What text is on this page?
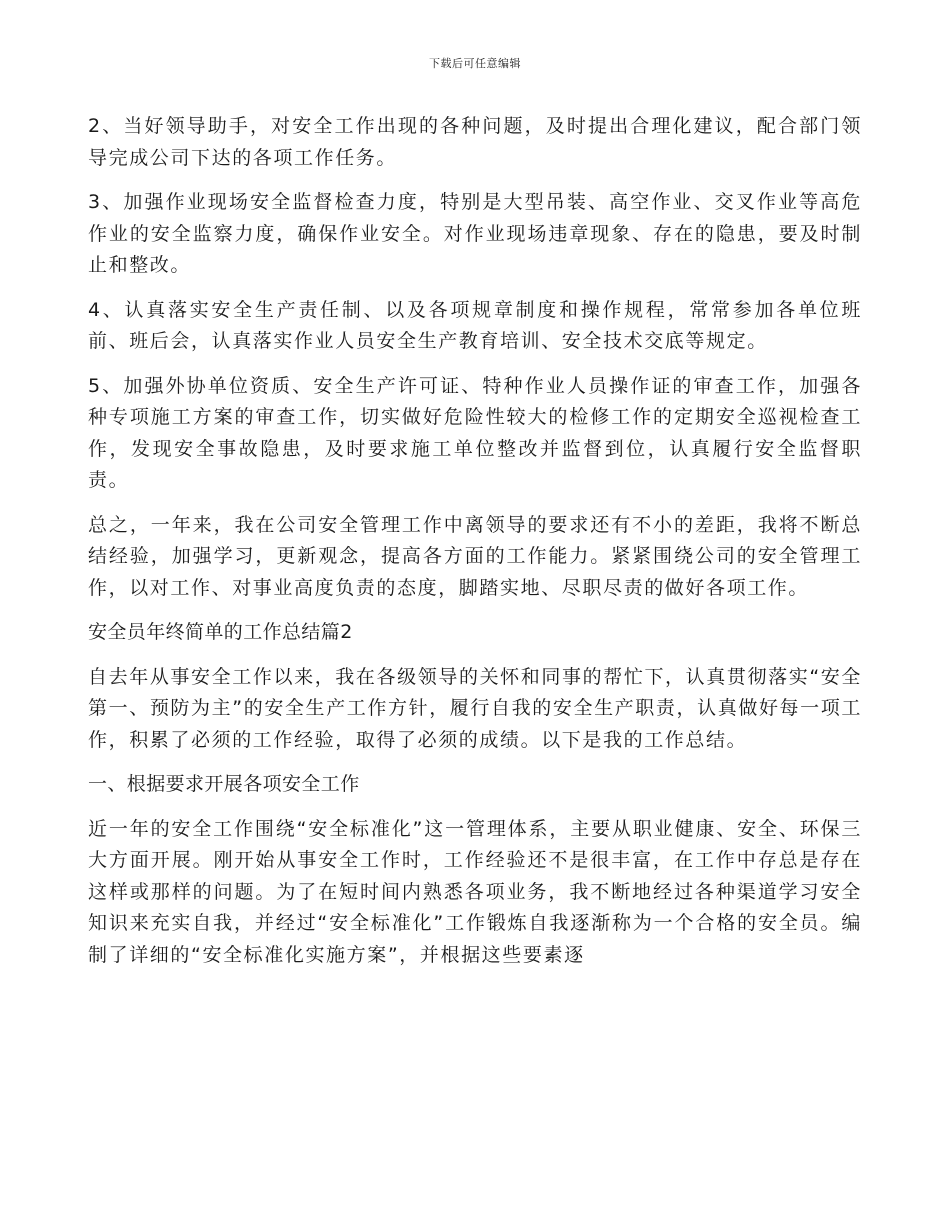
下载后可任意编辑

2、当好领导助手，对安全工作出现的各种问题，及时提出合理化建议，配合部门领导完成公司下达的各项工作任务。

3、加强作业现场安全监督检查力度，特别是大型吊装、高空作业、交叉作业等高危作业的安全监察力度，确保作业安全。对作业现场违章现象、存在的隐患，要及时制止和整改。

4、认真落实安全生产责任制、以及各项规章制度和操作规程，常常参加各单位班前、班后会，认真落实作业人员安全生产教育培训、安全技术交底等规定。

5、加强外协单位资质、安全生产许可证、特种作业人员操作证的审查工作，加强各种专项施工方案的审查工作，切实做好危险性较大的检修工作的定期安全巡视检查工作，发现安全事故隐患，及时要求施工单位整改并监督到位，认真履行安全监督职责。

总之，一年来，我在公司安全管理工作中离领导的要求还有不小的差距，我将不断总结经验，加强学习，更新观念，提高各方面的工作能力。紧紧围绕公司的安全管理工作，以对工作、对事业高度负责的态度，脚踏实地、尽职尽责的做好各项工作。

安全员年终简单的工作总结篇2

自去年从事安全工作以来，我在各级领导的关怀和同事的帮忙下，认真贯彻落实“安全第一、预防为主”的安全生产工作方针，履行自我的安全生产职责，认真做好每一项工作，积累了必须的工作经验，取得了必须的成绩。以下是我的工作总结。

一、根据要求开展各项安全工作

近一年的安全工作围绕“安全标准化”这一管理体系，主要从职业健康、安全、环保三大方面开展。刚开始从事安全工作时，工作经验还不是很丰富，在工作中存总是存在这样或那样的问题。为了在短时间内熟悉各项业务，我不断地经过各种渠道学习安全知识来充实自我，并经过“安全标准化”工作锻炼自我逐渐称为一个合格的安全员。编制了详细的“安全标准化实施方案”，并根据这些要素逐
